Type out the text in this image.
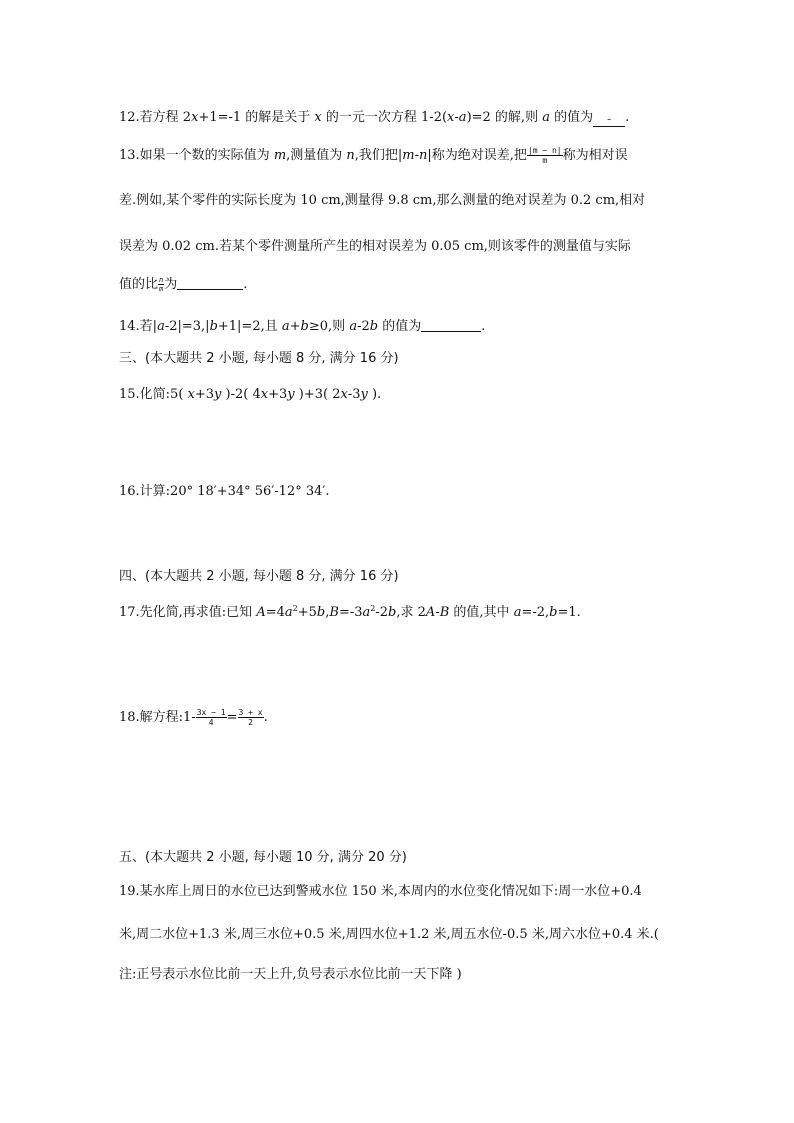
12.若方程 2x+1=-1 的解是关于 x 的一元一次方程 1-2(x-a)=2 的解,则 a 的值为 - .
13.如果一个数的实际值为 m,测量值为 n,我们把|m-n|称为绝对误差,把 $\frac{|m - n|}{m}$ 称为相对误
差.例如,某个零件的实际长度为 10 cm,测量得 9.8 cm,那么测量的绝对误差为 0.2 cm,相对
误差为 0.02 cm.若某个零件测量所产生的相对误差为 0.05 cm,则该零件的测量值与实际
值的比 $\frac{n}{m}$ 为	.
14.若|a-2|=3,|b+1|=2,且 a+b≥0,则 a-2b 的值为	.
三、(本大题共 2 小题, 每小题 8 分, 满分 16 分)
15.化简:5( x+3y )-2( 4x+3y )+3( 2x-3y ).
16.计算:20° 18′+34° 56′-12° 34′.
四、(本大题共 2 小题, 每小题 8 分, 满分 16 分)
17.先化简,再求值:已知 $A=4a^2+5b,B=-3a^2-2b$,求 2A-B 的值,其中 a=-2,b=1.
18.解方程:1- $\frac{3x - 1}{4} = \frac{3 + x}{2}$ .
五、(本大题共 2 小题, 每小题 10 分, 满分 20 分)
19.某水库上周日的水位已达到警戒水位 150 米,本周内的水位变化情况如下:周一水位+0.4
米,周二水位+1.3 米,周三水位+0.5 米,周四水位+1.2 米,周五水位-0.5 米,周六水位+0.4 米.(
注:正号表示水位比前一天上升,负号表示水位比前一天下降 )
